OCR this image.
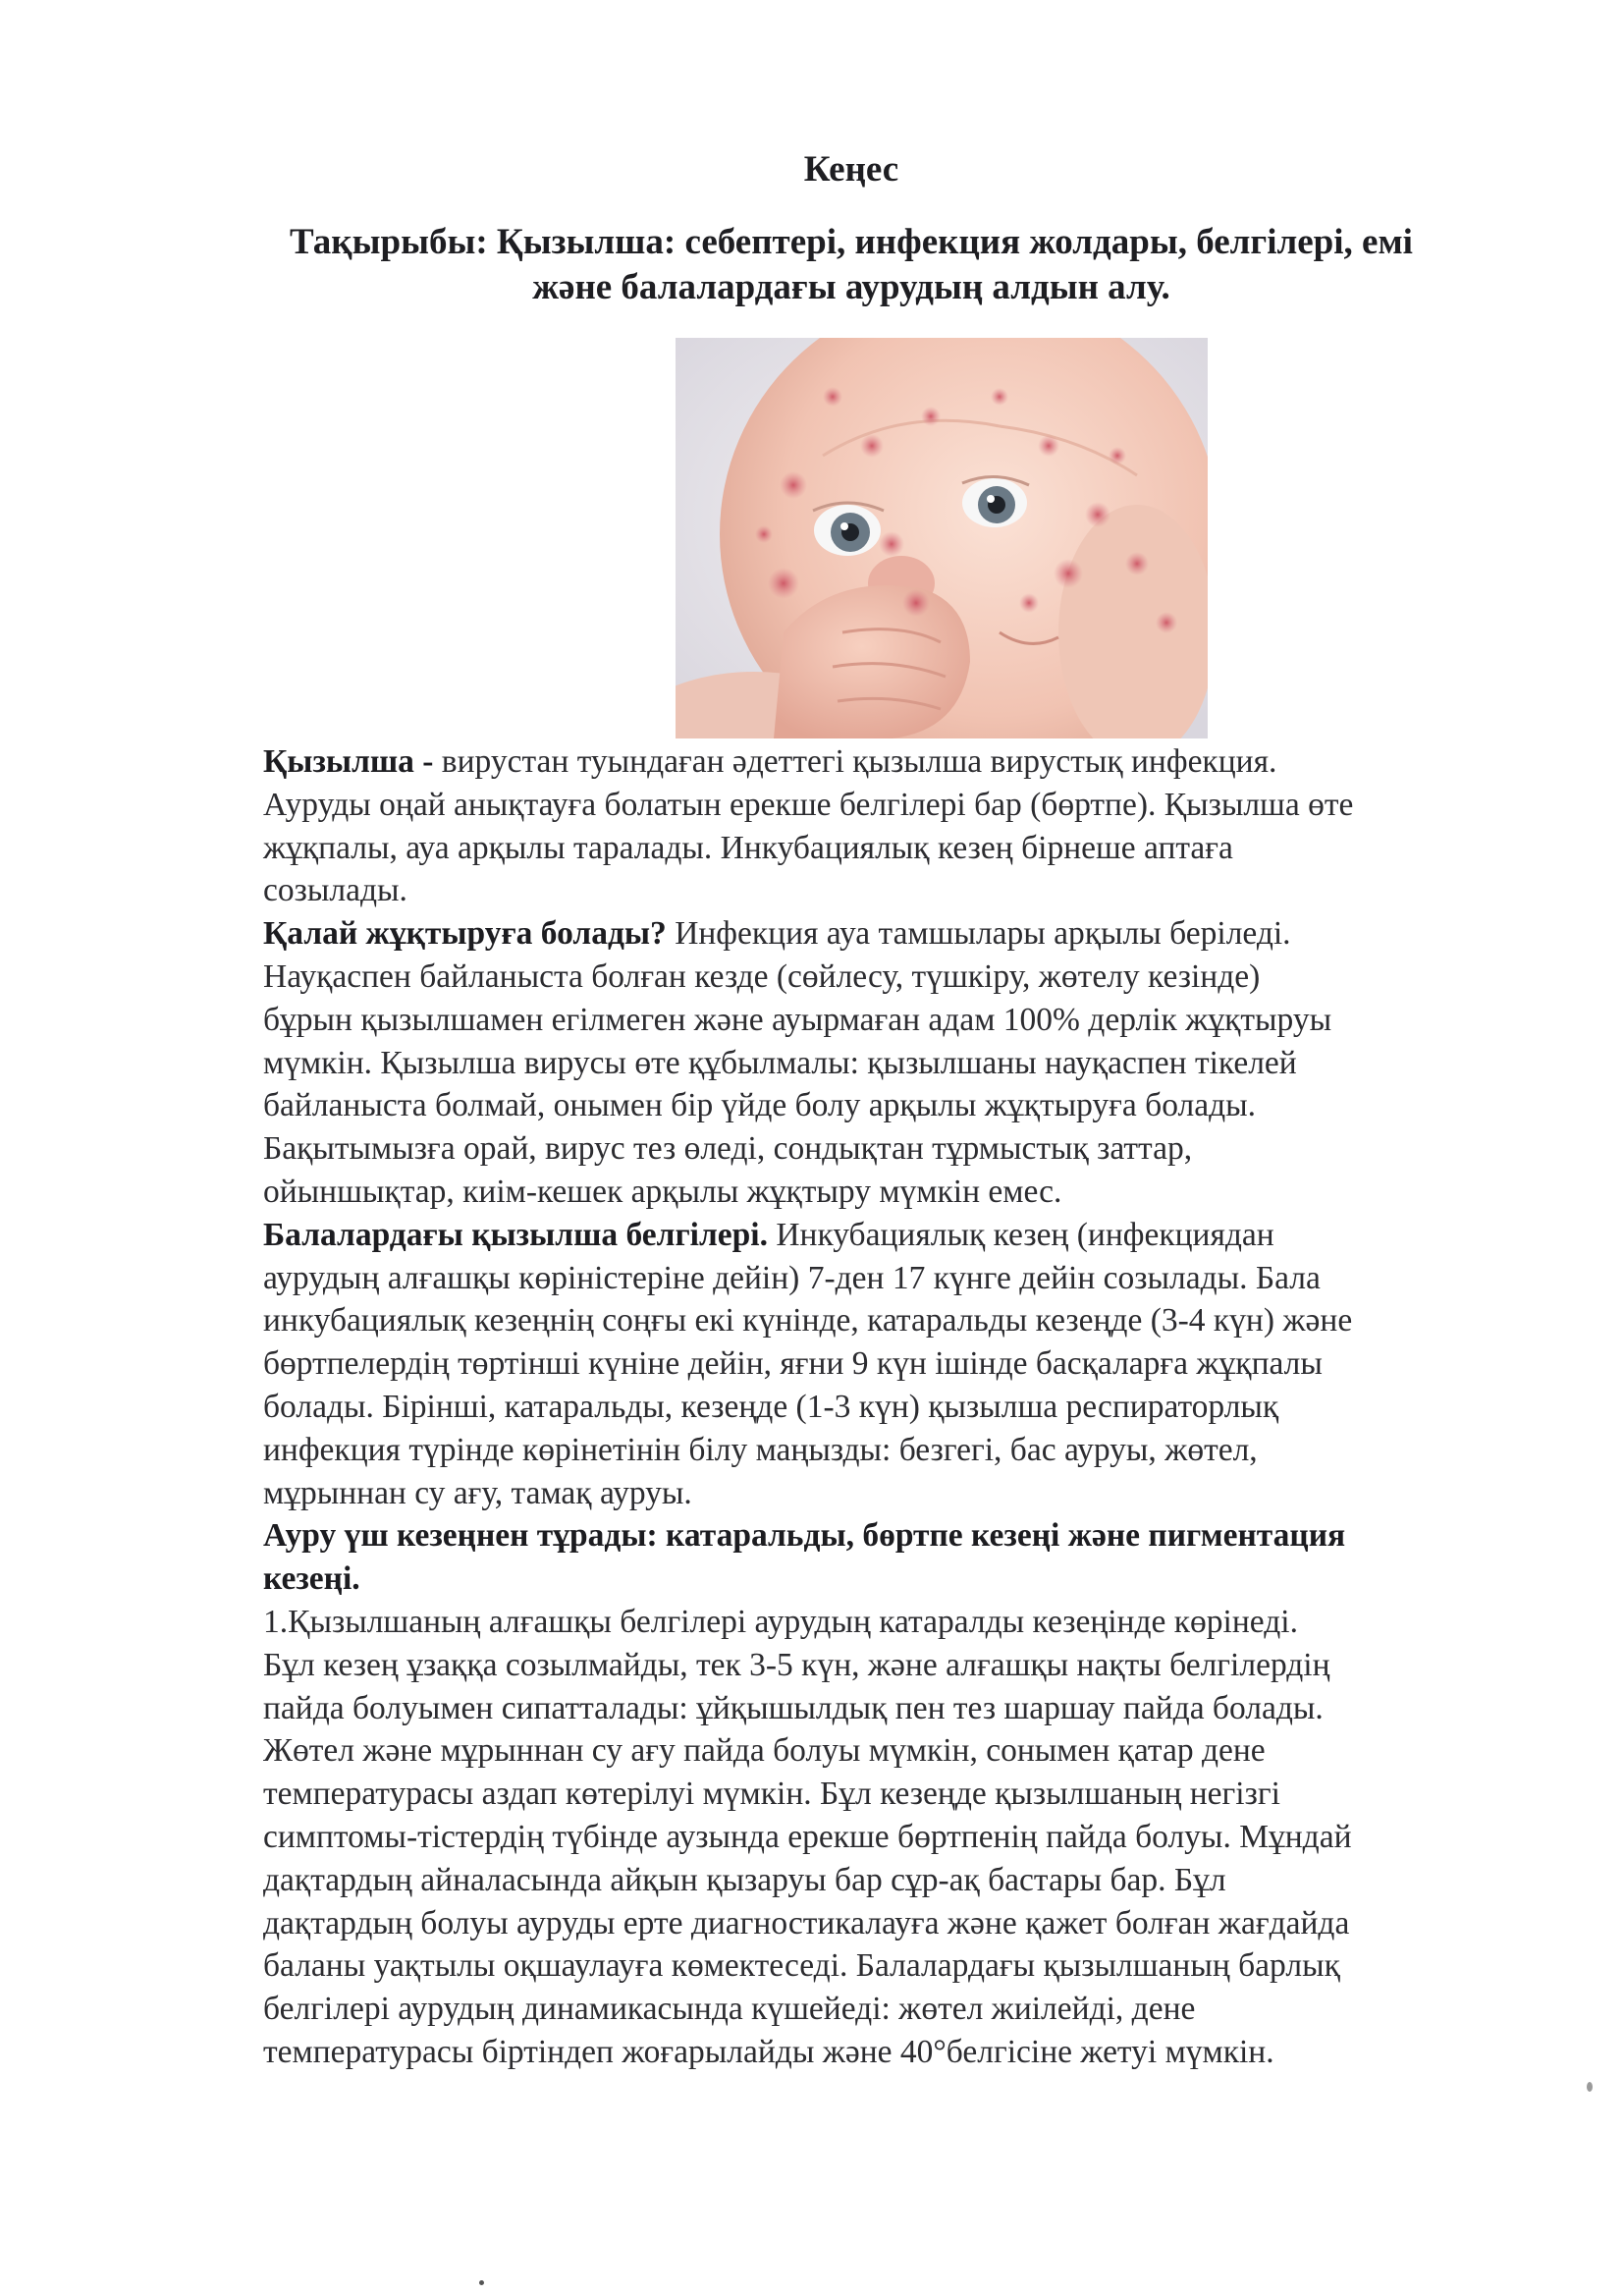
Кеңес
Тақырыбы: Қызылша: себептері, инфекция жолдары, белгілері, емі
және балалардағы аурудың алдын алу.

Қызылша - вирустан туындаған әдеттегі қызылша вирустық инфекция.
Ауруды оңай анықтауға болатын ерекше белгілері бар (бөртпе). Қызылша өте
жұқпалы, ауа арқылы таралады. Инкубациялық кезең бірнеше аптаға
созылады.

Қалай жұқтыруға болады? Инфекция ауа тамшылары арқылы беріледі.
Науқаспен байланыста болған кезде (сөйлесу, түшкіру, жөтелу кезінде)
бұрын қызылшамен егілмеген және ауырмаған адам 100% дерлік жұқтыруы
мүмкін. Қызылша вирусы өте құбылмалы: қызылшаны науқаспен тікелей
байланыста болмай, онымен бір үйде болу арқылы жұқтыруға болады.
Бақытымызға орай, вирус тез өледі, сондықтан тұрмыстық заттар,
ойыншықтар, киім-кешек арқылы жұқтыру мүмкін емес.

Балалардағы қызылша белгілері. Инкубациялық кезең (инфекциядан
аурудың алғашқы көріністеріне дейін) 7-ден 17 күнге дейін созылады. Бала
инкубациялық кезеңнің соңғы екі күнінде, катаральды кезеңде (3-4 күн) және
бөртпелердің төртінші күніне дейін, яғни 9 күн ішінде басқаларға жұқпалы
болады. Бірінші, катаральды, кезеңде (1-3 күн) қызылша респираторлық
инфекция түрінде көрінетінін білу маңызды: безгегі, бас ауруы, жөтел,
мұрыннан су ағу, тамақ ауруы.

Ауру үш кезеңнен тұрады: катаральды, бөртпе кезеңі және пигментация
кезеңі.
1.Қызылшаның алғашқы белгілері аурудың катаралды кезеңінде көрінеді.
Бұл кезең ұзаққа созылмайды, тек 3-5 күн, және алғашқы нақты белгілердің
пайда болуымен сипатталады: ұйқышылдық пен тез шаршау пайда болады.
Жөтел және мұрыннан су ағу пайда болуы мүмкін, сонымен қатар дене
температурасы аздап көтерілуі мүмкін. Бұл кезеңде қызылшаның негізгі
симптомы-тістердің түбінде аузында ерекше бөртпенің пайда болуы. Мұндай
дақтардың айналасында айқын қызаруы бар сұр-ақ бастары бар. Бұл
дақтардың болуы ауруды ерте диагностикалауға және қажет болған жағдайда
баланы уақтылы оқшаулауға көмектеседі. Балалардағы қызылшаның барлық
белгілері аурудың динамикасында күшейеді: жөтел жиілейді, дене
температурасы біртіндеп жоғарылайды және 40°белгісіне жетуі мүмкін.
